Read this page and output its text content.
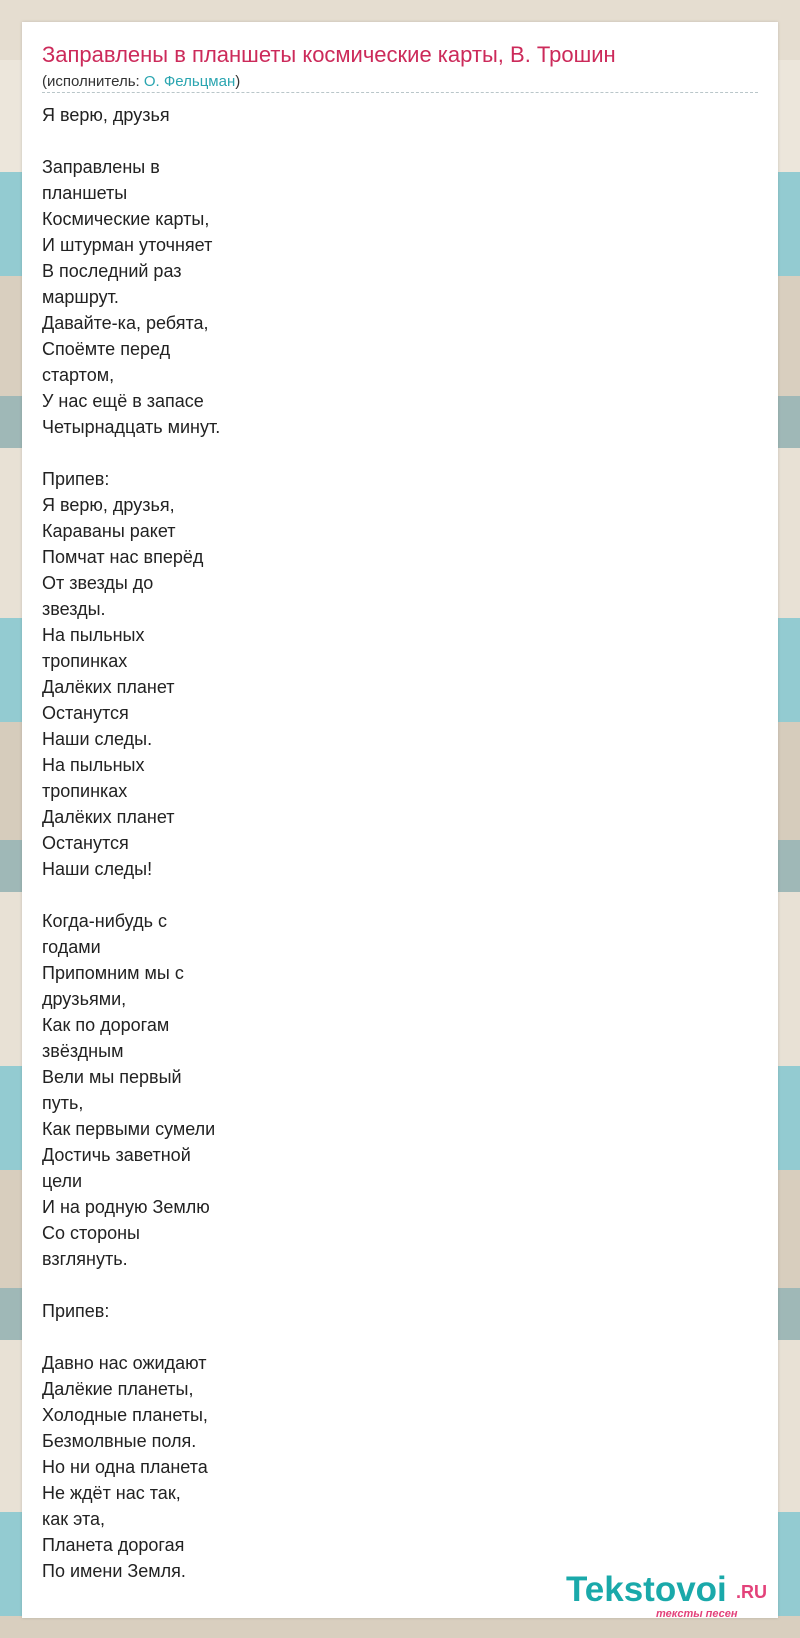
Заправлены в планшеты космические карты, В. Трошин
(исполнитель: О. Фельцман)
Я верю, друзья
Заправлены в
планшеты
Космические карты,
И штурман уточняет
В последний раз
маршрут.
Давайте-ка, ребята,
Споёмте перед
стартом,
У нас ещё в запасе
Четырнадцать минут.
Припев:
Я верю, друзья,
Караваны ракет
Помчат нас вперёд
От звезды до
звезды.
На пыльных
тропинках
Далёких планет
Останутся
Наши следы.
На пыльных
тропинках
Далёких планет
Останутся
Наши следы!
Когда-нибудь с
годами
Припомним мы с
друзьями,
Как по дорогам
звёздным
Вели мы первый
путь,
Как первыми сумели
Достичь заветной
цели
И на родную Землю
Со стороны
взглянуть.
Припев:
Давно нас ожидают
Далёкие планеты,
Холодные планеты,
Безмолвные поля.
Но ни одна планета
Не ждёт нас так,
как эта,
Планета дорогая
По имени Земля.	Tekstovoi .RU
тексты песен
